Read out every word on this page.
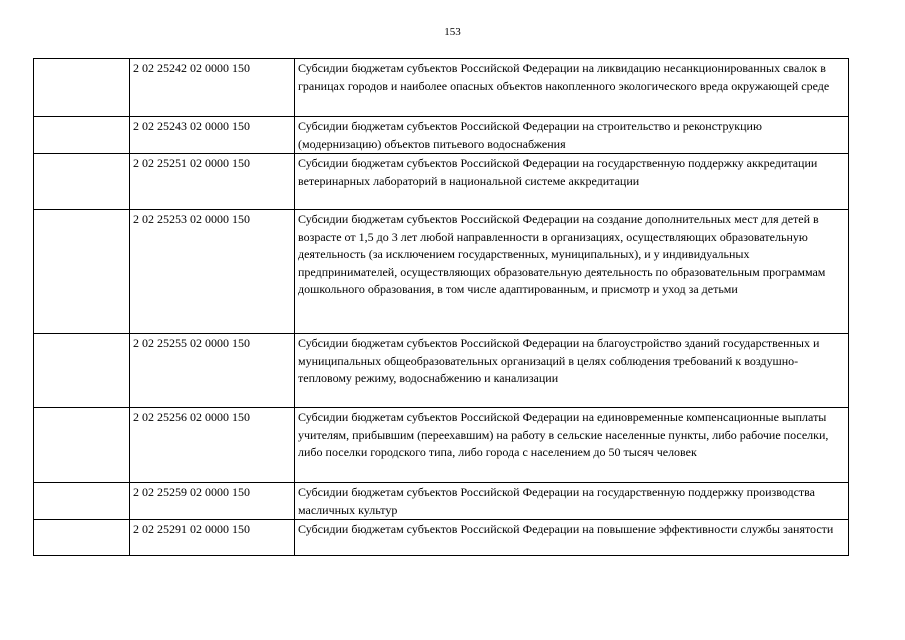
153
	2 02 25242 02 0000 150	Субсидии бюджетам субъектов Российской Федерации на ликвидацию несанкционированных свалок в границах городов и наиболее опасных объектов накопленного экологического вреда окружающей среде
	2 02 25243 02 0000 150	Субсидии бюджетам субъектов Российской Федерации на строительство и реконструкцию (модернизацию) объектов питьевого водоснабжения
	2 02 25251 02 0000 150	Субсидии бюджетам субъектов Российской Федерации на государственную поддержку аккредитации ветеринарных лабораторий в национальной системе аккредитации
	2 02 25253 02 0000 150	Субсидии бюджетам субъектов Российской Федерации на создание дополнительных мест для детей в возрасте от 1,5 до 3 лет любой направленности в организациях, осуществляющих образовательную деятельность (за исключением государственных, муниципальных), и у индивидуальных предпринимателей, осуществляющих образовательную деятельность по образовательным программам дошкольного образования, в том числе адаптированным, и присмотр и уход за детьми
	2 02 25255 02 0000 150	Субсидии бюджетам субъектов Российской Федерации на благоустройство зданий государственных и муниципальных общеобразовательных организаций в целях соблюдения требований к воздушно-тепловому режиму, водоснабжению и канализации
	2 02 25256 02 0000 150	Субсидии бюджетам субъектов Российской Федерации на единовременные компенсационные выплаты учителям, прибывшим (переехавшим) на работу в сельские населенные пункты, либо рабочие поселки, либо поселки городского типа, либо города с населением до 50 тысяч человек
	2 02 25259 02 0000 150	Субсидии бюджетам субъектов Российской Федерации на государственную поддержку производства масличных культур
	2 02 25291 02 0000 150	Субсидии бюджетам субъектов Российской Федерации на повышение эффективности службы занятости
